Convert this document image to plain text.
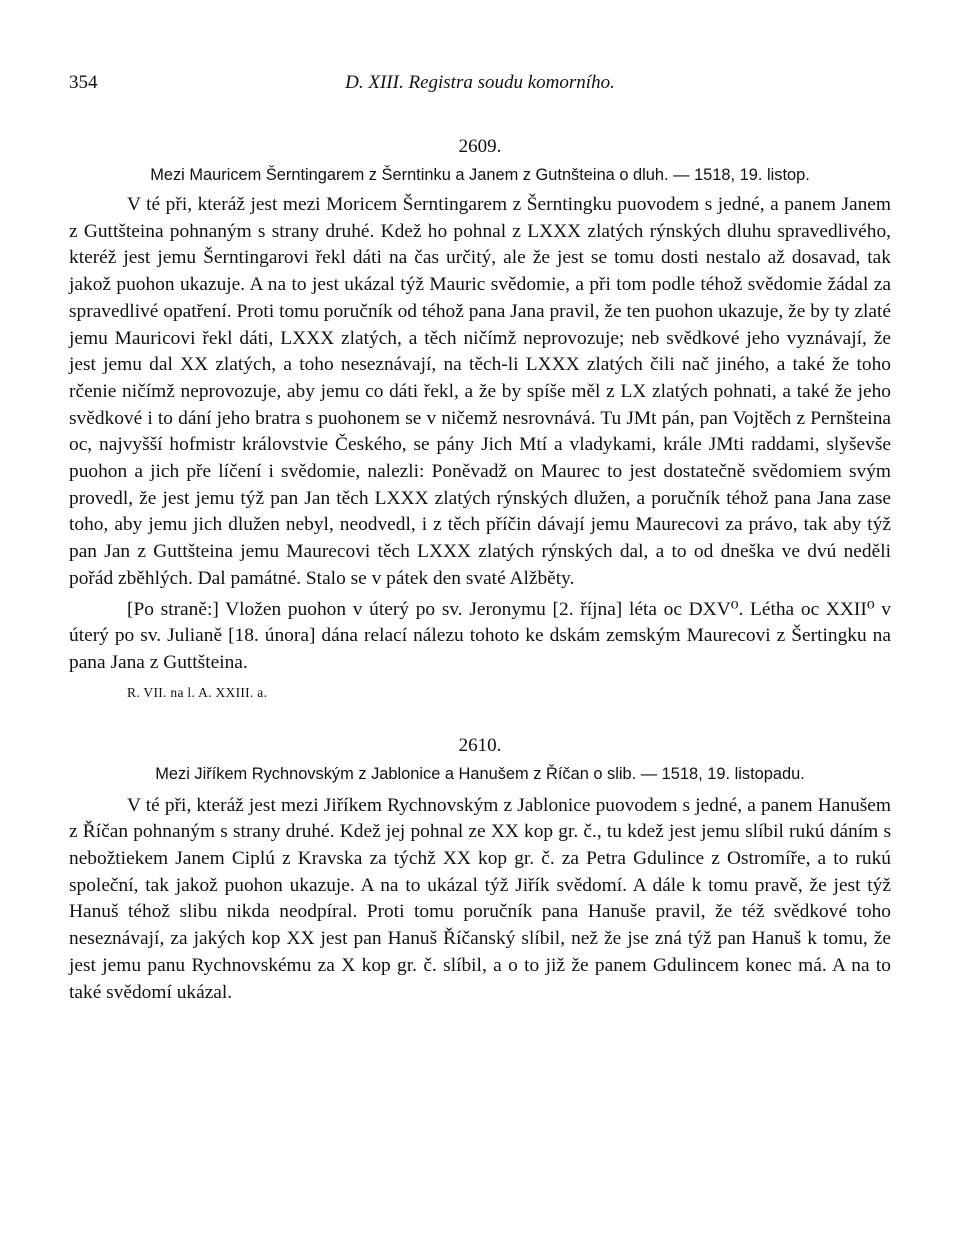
354	D. XIII. Registra soudu komorního.
2609.
Mezi Mauricem Šerntingarem z Šerntinku a Janem z Gutnšteina o dluh. — 1518, 19. listop.

V té při, kteráž jest mezi Moricem Šerntingarem z Šerntingku puovodem s jedné, a panem Janem z Guttšteina pohnaným s strany druhé. Kdež ho pohnal z LXXX zlatých rýnských dluhu spravedlivého, kteréž jest jemu Šerntingarovi řekl dáti na čas určitý, ale že jest se tomu dosti nestalo až dosavad, tak jakož puohon ukazuje. A na to jest ukázal týž Mauric svědomie, a při tom podle téhož svědomie žádal za spravedlivé opatření. Proti tomu poručník od téhož pana Jana pravil, že ten puohon ukazuje, že by ty zlaté jemu Mauricovi řekl dáti, LXXX zlatých, a těch ničímž neprovozuje; neb svědkové jeho vyznávají, že jest jemu dal XX zlatých, a toho neseznávají, na těch-li LXXX zlatých čili nač jiného, a také že toho rčenie ničímž neprovozuje, aby jemu co dáti řekl, a že by spíše měl z LX zlatých pohnati, a také že jeho svědkové i to dání jeho bratra s puohonem se v ničemž nesrovnává. Tu JMt pán, pan Vojtěch z Pernšteina oc, najvyšší hofmistr královstvie Českého, se pány Jich Mtí a vladykami, krále JMti raddami, slyševše puohon a jich pře líčení i svědomie, nalezli: Poněvadž on Maurec to jest dostatečně svědomiem svým provedl, že jest jemu týž pan Jan těch LXXX zlatých rýnských dlužen, a poručník téhož pana Jana zase toho, aby jemu jich dlužen nebyl, neodvedl, i z těch příčin dávají jemu Maurecovi za právo, tak aby týž pan Jan z Guttšteina jemu Maurecovi těch LXXX zlatých rýnských dal, a to od dneška ve dvú neděli pořád zběhlých. Dal památné. Stalo se v pátek den svaté Alžběty.

[Po straně:] Vložen puohon v úterý po sv. Jeronymu [2. října] léta oc DXV⁰. Létha oc XXII⁰ v úterý po sv. Julianě [18. února] dána relací nálezu tohoto ke dskám zemským Maurecovi z Šertingku na pana Jana z Guttšteina.

R. VII. na l. A. XXIII. a.
2610.
Mezi Jiříkem Rychnovským z Jablonice a Hanušem z Říčan o slib. — 1518, 19. listopadu.

V té při, kteráž jest mezi Jiříkem Rychnovským z Jablonice puovodem s jedné, a panem Hanušem z Říčan pohnaným s strany druhé. Kdež jej pohnal ze XX kop gr. č., tu kdež jest jemu slíbil rukú dáním s nebožtiekem Janem Ciplú z Kravska za týchž XX kop gr. č. za Petra Gdulince z Ostromíře, a to rukú společní, tak jakož puohon ukazuje. A na to ukázal týž Jiřík svědomí. A dále k tomu pravě, že jest týž Hanuš téhož slibu nikda neodpíral. Proti tomu poručník pana Hanuše pravil, že též svědkové toho neseznávají, za jakých kop XX jest pan Hanuš Říčanský slíbil, než že jse zná týž pan Hanuš k tomu, že jest jemu panu Rychnovskému za X kop gr. č. slíbil, a o to již že panem Gdulincem konec má. A na to také svědomí ukázal.
